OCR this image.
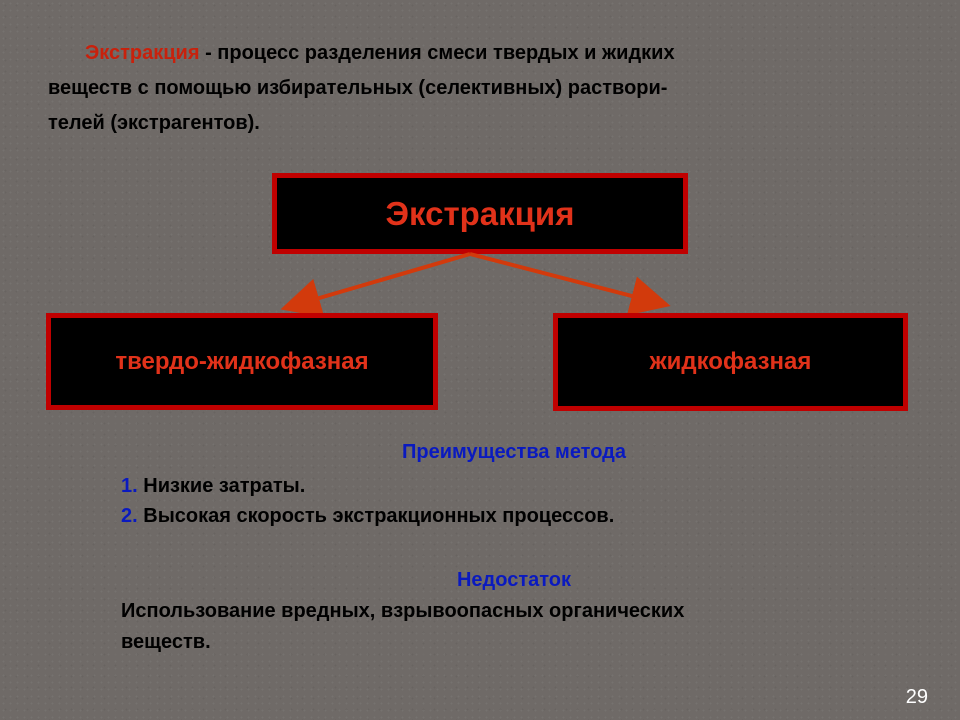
Экстракция - процесс разделения смеси твердых и жидких
веществ с помощью избирательных (селективных) раствори-
телей (экстрагентов).
Экстракция
твердо-жидкофазная	жидкофазная
Преимущества метода
1. Низкие затраты.
2. Высокая скорость экстракционных процессов.
Недостаток
Использование вредных, взрывоопасных органических
веществ.
29
